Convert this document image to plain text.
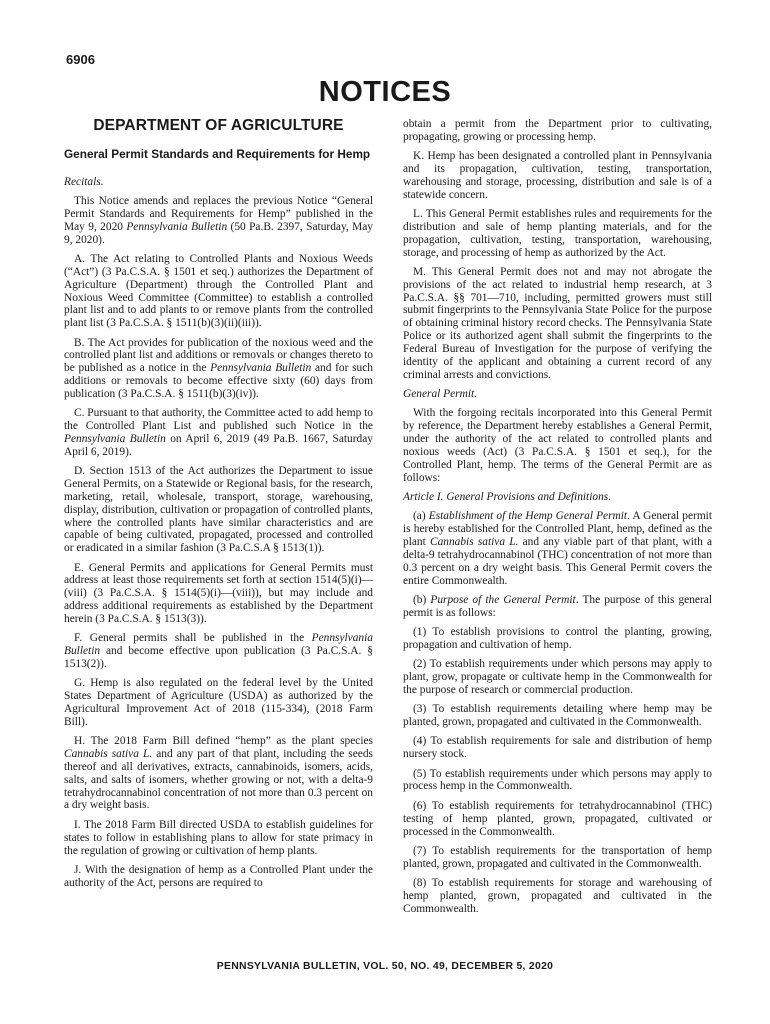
6906
NOTICES
DEPARTMENT OF AGRICULTURE
General Permit Standards and Requirements for Hemp

Recitals.

This Notice amends and replaces the previous Notice “General Permit Standards and Requirements for Hemp” published in the May 9, 2020 Pennsylvania Bulletin (50 Pa.B. 2397, Saturday, May 9, 2020).

A. The Act relating to Controlled Plants and Noxious Weeds (“Act”) (3 Pa.C.S.A. § 1501 et seq.) authorizes the Department of Agriculture (Department) through the Controlled Plant and Noxious Weed Committee (Committee) to establish a controlled plant list and to add plants to or remove plants from the controlled plant list (3 Pa.C.S.A. § 1511(b)(3)(ii)(iii)).

B. The Act provides for publication of the noxious weed and the controlled plant list and additions or removals or changes thereto to be published as a notice in the Pennsylvania Bulletin and for such additions or removals to become effective sixty (60) days from publication (3 Pa.C.S.A. § 1511(b)(3)(iv)).

C. Pursuant to that authority, the Committee acted to add hemp to the Controlled Plant List and published such Notice in the Pennsylvania Bulletin on April 6, 2019 (49 Pa.B. 1667, Saturday April 6, 2019).

D. Section 1513 of the Act authorizes the Department to issue General Permits, on a Statewide or Regional basis, for the research, marketing, retail, wholesale, transport, storage, warehousing, display, distribution, cultivation or propagation of controlled plants, where the controlled plants have similar characteristics and are capable of being cultivated, propagated, processed and controlled or eradicated in a similar fashion (3 Pa.C.S.A § 1513(1)).

E. General Permits and applications for General Permits must address at least those requirements set forth at section 1514(5)(i)—(viii) (3 Pa.C.S.A. § 1514(5)(i)—(viii)), but may include and address additional requirements as established by the Department herein (3 Pa.C.S.A. § 1513(3)).

F. General permits shall be published in the Pennsylvania Bulletin and become effective upon publication (3 Pa.C.S.A. § 1513(2)).

G. Hemp is also regulated on the federal level by the United States Department of Agriculture (USDA) as authorized by the Agricultural Improvement Act of 2018 (115-334), (2018 Farm Bill).

H. The 2018 Farm Bill defined “hemp” as the plant species Cannabis sativa L. and any part of that plant, including the seeds thereof and all derivatives, extracts, cannabinoids, isomers, acids, salts, and salts of isomers, whether growing or not, with a delta-9 tetrahydrocannabinol concentration of not more than 0.3 percent on a dry weight basis.

I. The 2018 Farm Bill directed USDA to establish guidelines for states to follow in establishing plans to allow for state primacy in the regulation of growing or cultivation of hemp plants.

J. With the designation of hemp as a Controlled Plant under the authority of the Act, persons are required to

obtain a permit from the Department prior to cultivating, propagating, growing or processing hemp.

K. Hemp has been designated a controlled plant in Pennsylvania and its propagation, cultivation, testing, transportation, warehousing and storage, processing, distribution and sale is of a statewide concern.

L. This General Permit establishes rules and requirements for the distribution and sale of hemp planting materials, and for the propagation, cultivation, testing, transportation, warehousing, storage, and processing of hemp as authorized by the Act.

M. This General Permit does not and may not abrogate the provisions of the act related to industrial hemp research, at 3 Pa.C.S.A. §§ 701—710, including, permitted growers must still submit fingerprints to the Pennsylvania State Police for the purpose of obtaining criminal history record checks. The Pennsylvania State Police or its authorized agent shall submit the fingerprints to the Federal Bureau of Investigation for the purpose of verifying the identity of the applicant and obtaining a current record of any criminal arrests and convictions.

General Permit.

With the forgoing recitals incorporated into this General Permit by reference, the Department hereby establishes a General Permit, under the authority of the act related to controlled plants and noxious weeds (Act) (3 Pa.C.S.A. § 1501 et seq.), for the Controlled Plant, hemp. The terms of the General Permit are as follows:

Article I. General Provisions and Definitions.

(a) Establishment of the Hemp General Permit. A General permit is hereby established for the Controlled Plant, hemp, defined as the plant Cannabis sativa L. and any viable part of that plant, with a delta-9 tetrahydrocannabinol (THC) concentration of not more than 0.3 percent on a dry weight basis. This General Permit covers the entire Commonwealth.

(b) Purpose of the General Permit. The purpose of this general permit is as follows:

(1) To establish provisions to control the planting, growing, propagation and cultivation of hemp.

(2) To establish requirements under which persons may apply to plant, grow, propagate or cultivate hemp in the Commonwealth for the purpose of research or commercial production.

(3) To establish requirements detailing where hemp may be planted, grown, propagated and cultivated in the Commonwealth.

(4) To establish requirements for sale and distribution of hemp nursery stock.

(5) To establish requirements under which persons may apply to process hemp in the Commonwealth.

(6) To establish requirements for tetrahydrocannabinol (THC) testing of hemp planted, grown, propagated, cultivated or processed in the Commonwealth.

(7) To establish requirements for the transportation of hemp planted, grown, propagated and cultivated in the Commonwealth.

(8) To establish requirements for storage and warehousing of hemp planted, grown, propagated and cultivated in the Commonwealth.

PENNSYLVANIA BULLETIN, VOL. 50, NO. 49, DECEMBER 5, 2020
